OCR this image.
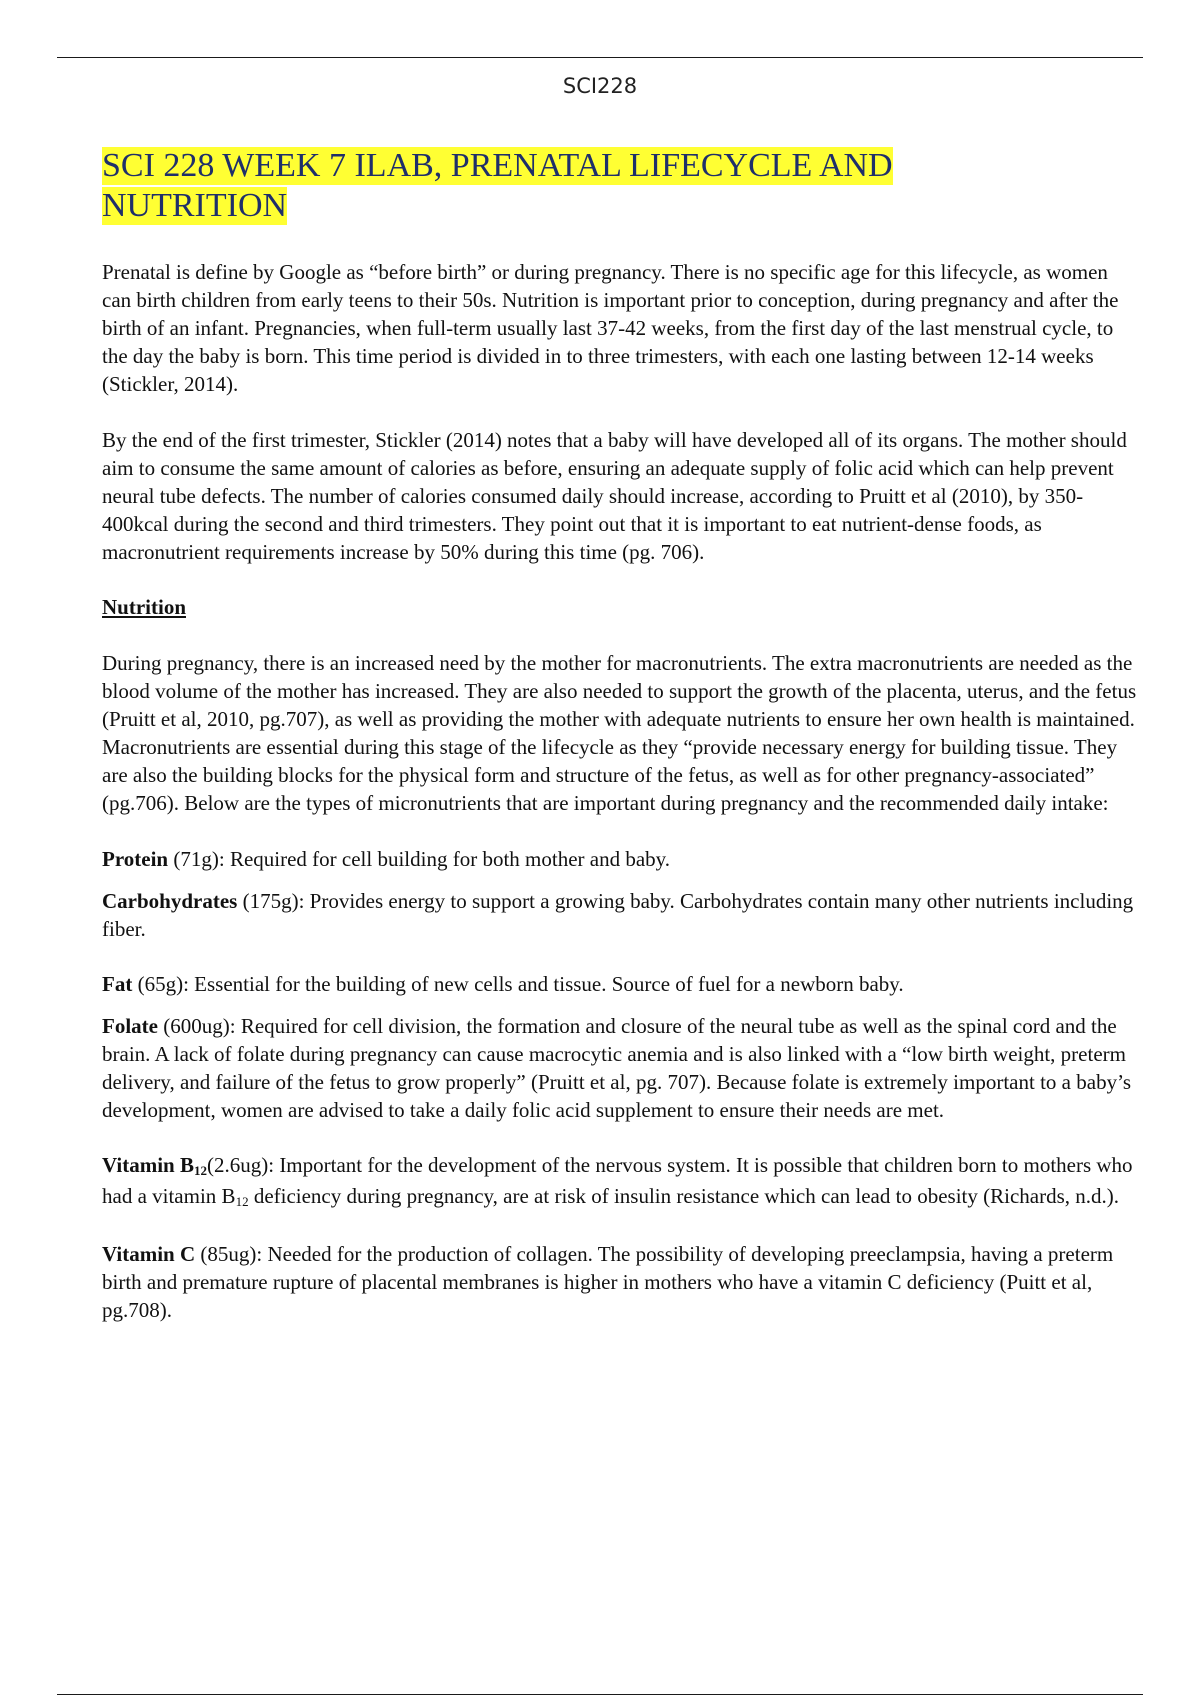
SCI228
SCI 228 WEEK 7 ILAB, PRENATAL LIFECYCLE AND
NUTRITION

Prenatal is define by Google as “before birth” or during pregnancy. There is no specific age for this lifecycle, as women can birth children from early teens to their 50s. Nutrition is important prior to conception, during pregnancy and after the birth of an infant. Pregnancies, when full-term usually last 37-42 weeks, from the first day of the last menstrual cycle, to the day the baby is born. This time period is divided in to three trimesters, with each one lasting between 12-14 weeks (Stickler, 2014).

By the end of the first trimester, Stickler (2014) notes that a baby will have developed all of its organs. The mother should aim to consume the same amount of calories as before, ensuring an adequate supply of folic acid which can help prevent neural tube defects. The number of calories consumed daily should increase, according to Pruitt et al (2010), by 350-400kcal during the second and third trimesters. They point out that it is important to eat nutrient-dense foods, as macronutrient requirements increase by 50% during this time (pg. 706).

Nutrition

During pregnancy, there is an increased need by the mother for macronutrients. The extra macronutrients are needed as the blood volume of the mother has increased. They are also needed to support the growth of the placenta, uterus, and the fetus (Pruitt et al, 2010, pg.707), as well as providing the mother with adequate nutrients to ensure her own health is maintained. Macronutrients are essential during this stage of the lifecycle as they “provide necessary energy for building tissue. They are also the building blocks for the physical form and structure of the fetus, as well as for other pregnancy-associated” (pg.706). Below are the types of micronutrients that are important during pregnancy and the recommended daily intake:

Protein (71g): Required for cell building for both mother and baby.

Carbohydrates (175g): Provides energy to support a growing baby. Carbohydrates contain many other nutrients including fiber.

Fat (65g): Essential for the building of new cells and tissue. Source of fuel for a newborn baby.

Folate (600ug): Required for cell division, the formation and closure of the neural tube as well as the spinal cord and the brain. A lack of folate during pregnancy can cause macrocytic anemia and is also linked with a “low birth weight, preterm delivery, and failure of the fetus to grow properly” (Pruitt et al, pg. 707). Because folate is extremely important to a baby’s development, women are advised to take a daily folic acid supplement to ensure their needs are met.

Vitamin $B_{12}(2.6ug)$: Important for the development of the nervous system. It is possible that children born to mothers who had a vitamin $B_{12}$ deficiency during pregnancy, are at risk of insulin resistance which can lead to obesity (Richards, n.d.).

Vitamin C (85ug): Needed for the production of collagen. The possibility of developing preeclampsia, having a preterm birth and premature rupture of placental membranes is higher in mothers who have a vitamin C deficiency (Puitt et al, pg.708).
